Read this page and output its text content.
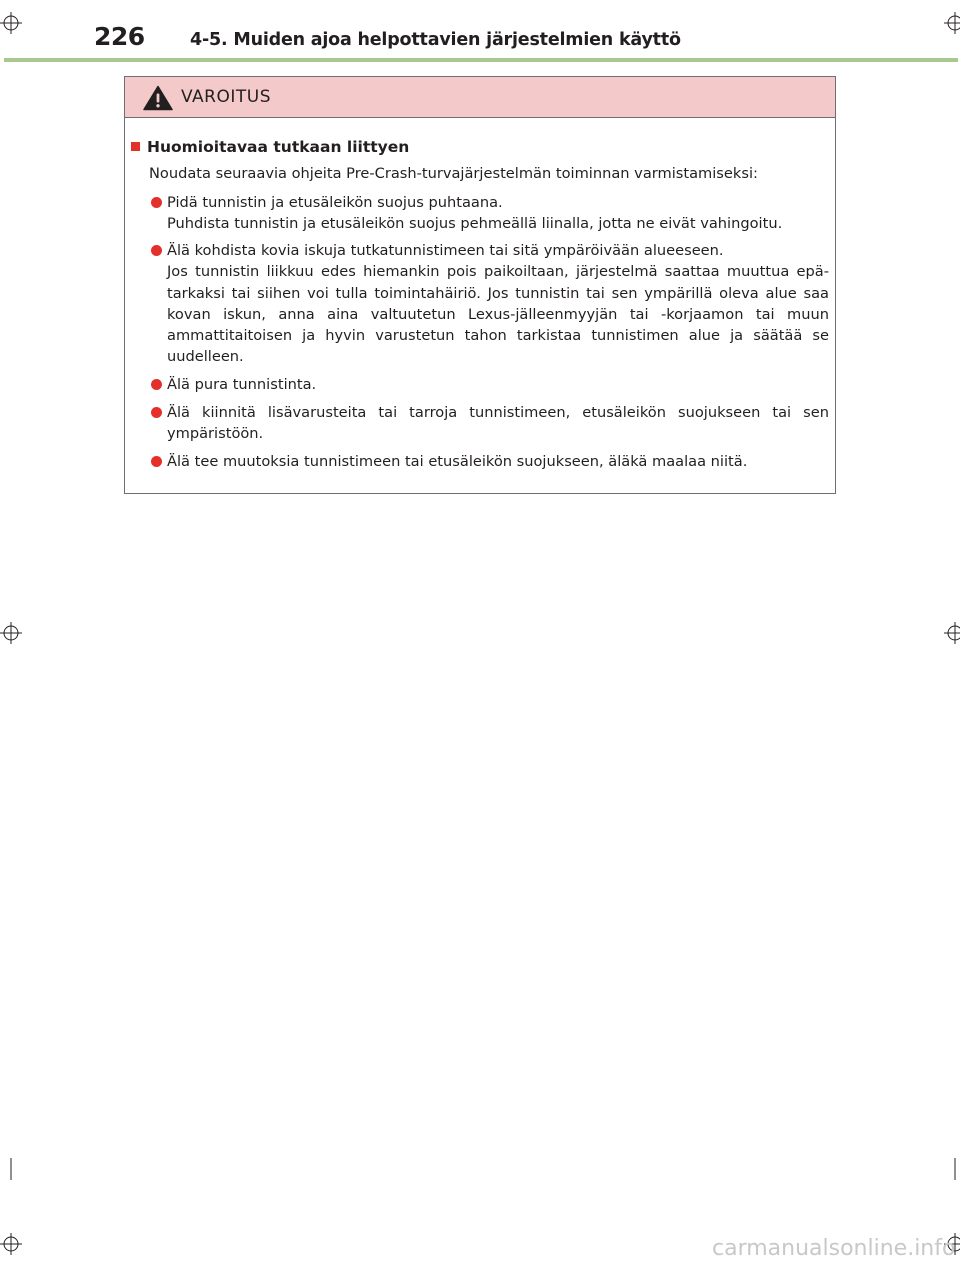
226	4-5. Muiden ajoa helpottavien järjestelmien käyttö
VAROITUS
Huomioitavaa tutkaan liittyen
Noudata seuraavia ohjeita Pre-Crash-turvajärjestelmän toiminnan varmistamiseksi:

Pidä tunnistin ja etusäleikön suojus puhtaana.

Puhdista tunnistin ja etusäleikön suojus pehmeällä liinalla, jotta ne eivät vahingoitu.

Älä kohdista kovia iskuja tutkatunnistimeen tai sitä ympäröivään alueeseen.

Jos tunnistin liikkuu edes hiemankin pois paikoiltaan, järjestelmä saattaa muuttua epä-tarkaksi tai siihen voi tulla toimintahäiriö. Jos tunnistin tai sen ympärillä oleva alue saa kovan iskun, anna aina valtuutetun Lexus-jälleenmyyjän tai -korjaamon tai muun ammattitaitoisen ja hyvin varustetun tahon tarkistaa tunnistimen alue ja säätää se uudelleen.

Älä pura tunnistinta.

Älä kiinnitä lisävarusteita tai tarroja tunnistimeen, etusäleikön suojukseen tai sen ympäristöön.

Älä tee muutoksia tunnistimeen tai etusäleikön suojukseen, äläkä maalaa niitä.

carmanualsonline.info
